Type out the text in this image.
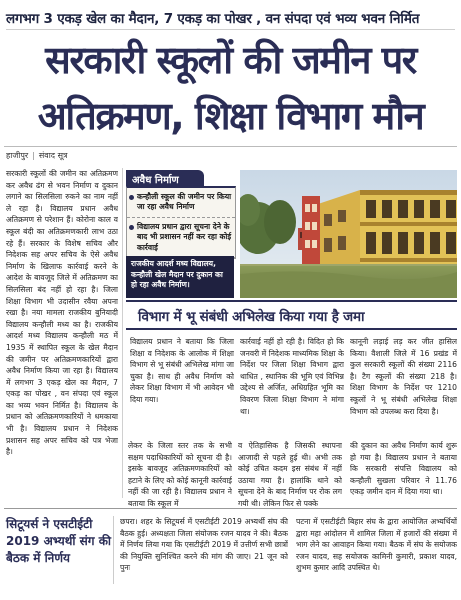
लगभग 3 एकड़ खेल का मैदान, 7 एकड़ का पोखर , वन संपदा एवं भव्य भवन निर्मित
सरकारी स्कूलों की जमीन पर
अतिक्रमण, शिक्षा विभाग मौन
हाजीपुर | संवाद सूत्र
सरकारी स्कूलों की जमीन का अतिक्रमण कर अवैध ढंग से भवन निर्माण व दुकान लगाने का सिलसिला रुकने का नाम नहीं ले रहा है। विद्यालय प्रधान अवैध अतिक्रमण से परेशान हैं। कोरोना काल व स्कूल बंदी का अतिक्रमणकारी लाभ उठा रहे हैं। सरकार के विशेष सचिव और निदेशक सह अपर सचिव के ऐसे अवैध निर्माण के खिलाफ कार्रवाई करने के आदेश के बावजूद जिले में अतिक्रमण का सिलसिला बंद नहीं हो रहा है। जिला शिक्षा विभाग भी उदासीन रवैया अपना रखा है। नया मामला राजकीय बुनियादी विद्यालय कन्हौली मध्य का है। राजकीय आदर्श मध्य विद्यालय कन्हौली मठ में 1935 में स्थापित स्कूल के खेल मैदान की जमीन पर अतिक्रमणकारियों द्वारा अवैध निर्माण किया जा रहा है। विद्यालय में लगभग 3 एकड़ खेल का मैदान, 7 एकड़ का पोखर , वन संपदा एवं स्कूल का भव्य भवन निर्मित है। विद्यालय के प्रधान को अतिक्रमणकारियों ने धमकाया भी है। विद्यालय प्रधान ने निदेशक प्रशासन सह अपर सचिव को पत्र भेजा है।
अवैध निर्माण
कन्हौली स्कूल की जमीन पर किया जा रहा अवैध निर्माण
विद्यालय प्रधान द्वारा सूचना देने के बाद भी प्रशासन नहीं कर रहा कोई कार्रवाई
राजकीय आदर्श मध्य विद्यालय, कन्हौली खेल मैदान पर दुकान का हो रहा अवैध निर्माण।
विभाग में भू संबंधी अभिलेख किया गया है जमा
विद्यालय प्रधान ने बताया कि जिला शिक्षा व निदेशक के आलोक में शिक्षा विभाग से भू संबंधी अभिलेख मांगा जा चुका है। साथ ही अवैध निर्माण को लेकर शिक्षा विभाग में भी आवेदन भी दिया गया।
कार्रवाई नहीं हो रही है। विदित हो कि जनवरी में निदेशक माध्यमिक शिक्षा के निर्देश पर जिला शिक्षा विभाग द्वारा थाधित , स्थानिक की भूमि एवं विभिन्न उद्देश्य से अर्जित, अधिग्रहित भूमि का विवरण जिला शिक्षा विभाग ने मांगा था।
कानूनी लड़ाई लड़ कर जीत हासिल किया। वैशाली जिले में 16 प्रखंड में कुल सरकारी स्कूलों की संख्या 2116 है। टैग स्कूलों की संख्या 218 है। शिक्षा विभाग के निर्देश पर 1210 स्कूलों ने भू संबंधी अभिलेख शिक्षा विभाग को उपलब्ध करा दिया है।
लेकर के जिला स्तर तक के सभी सक्षम पदाधिकारियों को सूचना दी है। इसके बावजूद अतिक्रमणकारियों को हटाने के लिए को कोई कानूनी कार्रवाई नहीं की जा रही है। विद्यालय प्रधान ने बताया कि स्कूल में
व ऐतिहासिक है जिसकी स्थापना आजादी से पहले हुई थी। अभी तक कोई उचित कदम इस संबंध में नहीं उठाया गया है। हालांकि थाने को सूचना देने के बाद निर्माण पर रोक लग गयी थी। लेकिन फिर से पक्के
की दुकान का अवैध निर्माण कार्य शुरू हो गया है। विद्यालय प्रधान ने बताया कि सरकारी संपत्ति विद्यालय को कन्हौली सुखला परिवार ने 11.76 एकड़ जमीन दान में दिया गया था।
सिटूयर्स ने एसटीईटी
2019 अभ्यर्थी संग की
बैठक में निर्णय
छपरा। शहर के सिटूयर्स में एसटीईटी 2019 अभ्यर्थी संघ की बैठक हुई। अध्यक्षता जिला संयोजक रजन यादव ने की। बैठक में निर्णय लिया गया कि एसटीईटी 2019 में उत्तीर्ण सभी छात्रों की नियुक्ति सुनिश्चित करने की मांग की जाए। 21 जून को पुनः
पटना में एसटीईटी बिहार संघ के द्वारा आयोजित अभ्यर्थियों द्वारा महा आंदोलन में शामिल जिला में हजारों की संख्या में भाग लेने का आवाहन किया गया। बैठक में संघ के सयोजक रजन यादव, सह सयोजक कामिनी कुमारी, प्रकाश यादव, शुभम कुमार आदि उपस्थित थे।
